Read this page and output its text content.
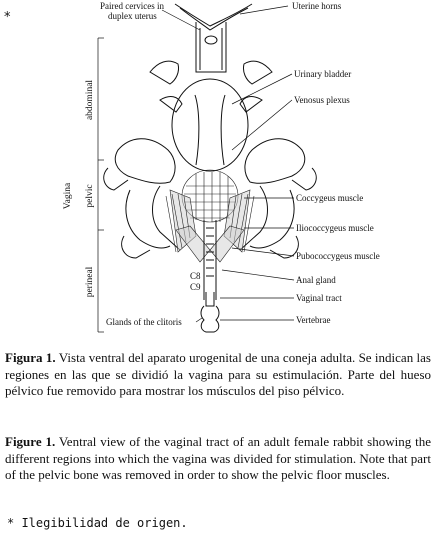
*
Paired cervices in
duplex uterus
Uterine horns
Urinary bladder
Venosus plexus
Coccygeus muscle
Iliococcygeus muscle
Pubococcygeus muscle
Anal gland
Vaginal tract
Vertebrae
Glands of the clitoris
C8
C9
Vagina
abdominal
pelvic
perineal

Figura 1. Vista ventral del aparato urogenital de una coneja adulta. Se indican las regiones en las que se dividió la vagina para su estimulación. Parte del hueso pélvico fue removido para mostrar los músculos del piso pélvico.

Figure 1. Ventral view of the vaginal tract of an adult female rabbit showing the different regions into which the vagina was divided for stimulation. Note that part of the pelvic bone was removed in order to show the pelvic floor muscles.

* Ilegibilidad de origen.
